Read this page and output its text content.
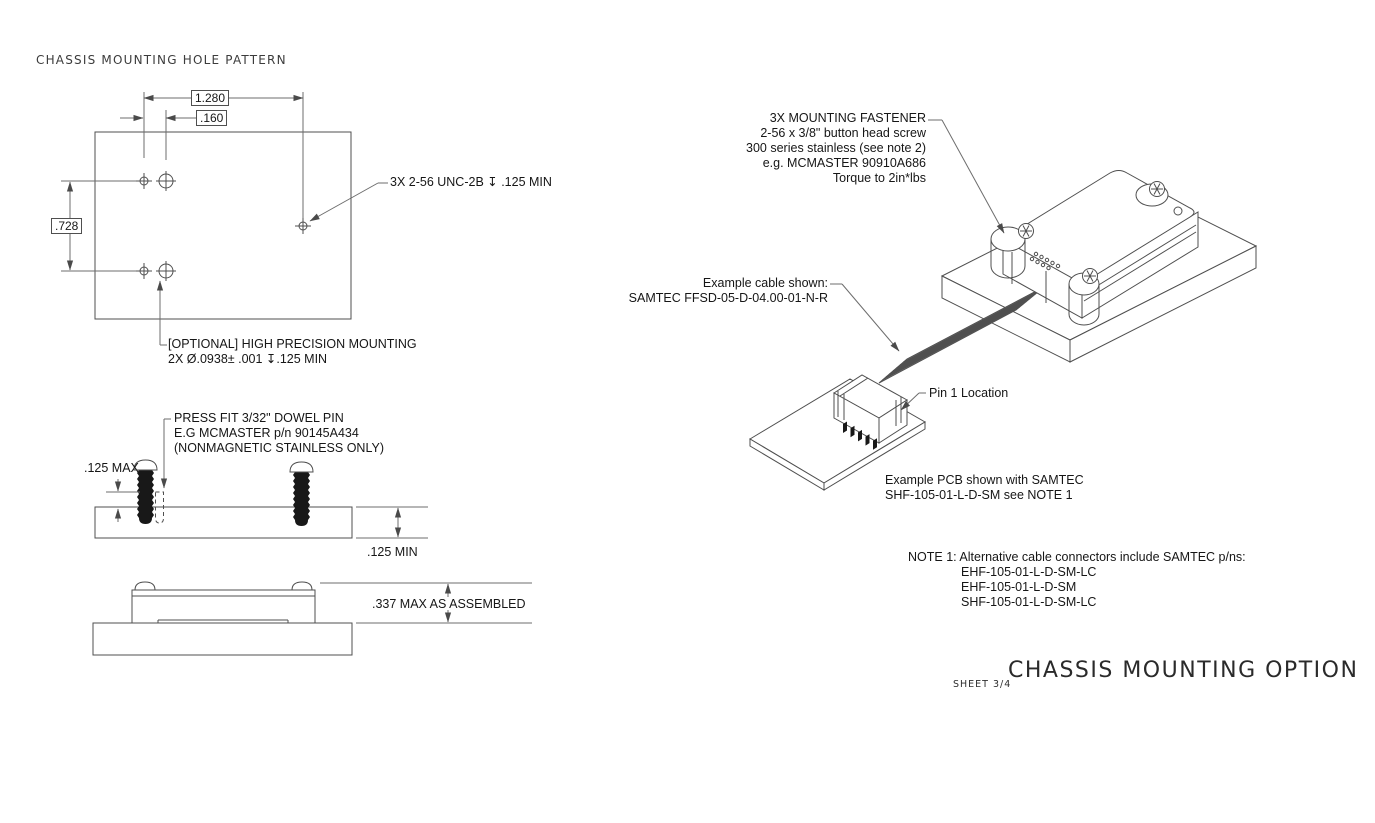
CHASSIS MOUNTING HOLE PATTERN
1.280
.160
.728
3X 2-56 UNC-2B ↧ .125 MIN
[OPTIONAL] HIGH PRECISION MOUNTING
2X Ø.0938± .001 ↧.125 MIN
PRESS FIT 3/32" DOWEL PIN
E.G MCMASTER p/n 90145A434
(NONMAGNETIC STAINLESS ONLY)
.125 MAX
.125 MIN
.337 MAX AS ASSEMBLED
3X MOUNTING FASTENER
2-56 x 3/8" button head screw
300 series stainless (see note 2)
e.g. MCMASTER 90910A686
Torque to 2in*lbs
Example cable shown:
SAMTEC FFSD-05-D-04.00-01-N-R
Pin 1 Location
Example PCB shown with SAMTEC
SHF-105-01-L-D-SM see NOTE 1
NOTE 1: Alternative cable connectors include SAMTEC p/ns:
EHF-105-01-L-D-SM-LC
EHF-105-01-L-D-SM
SHF-105-01-L-D-SM-LC
SHEET 3/4
CHASSIS MOUNTING OPTION
